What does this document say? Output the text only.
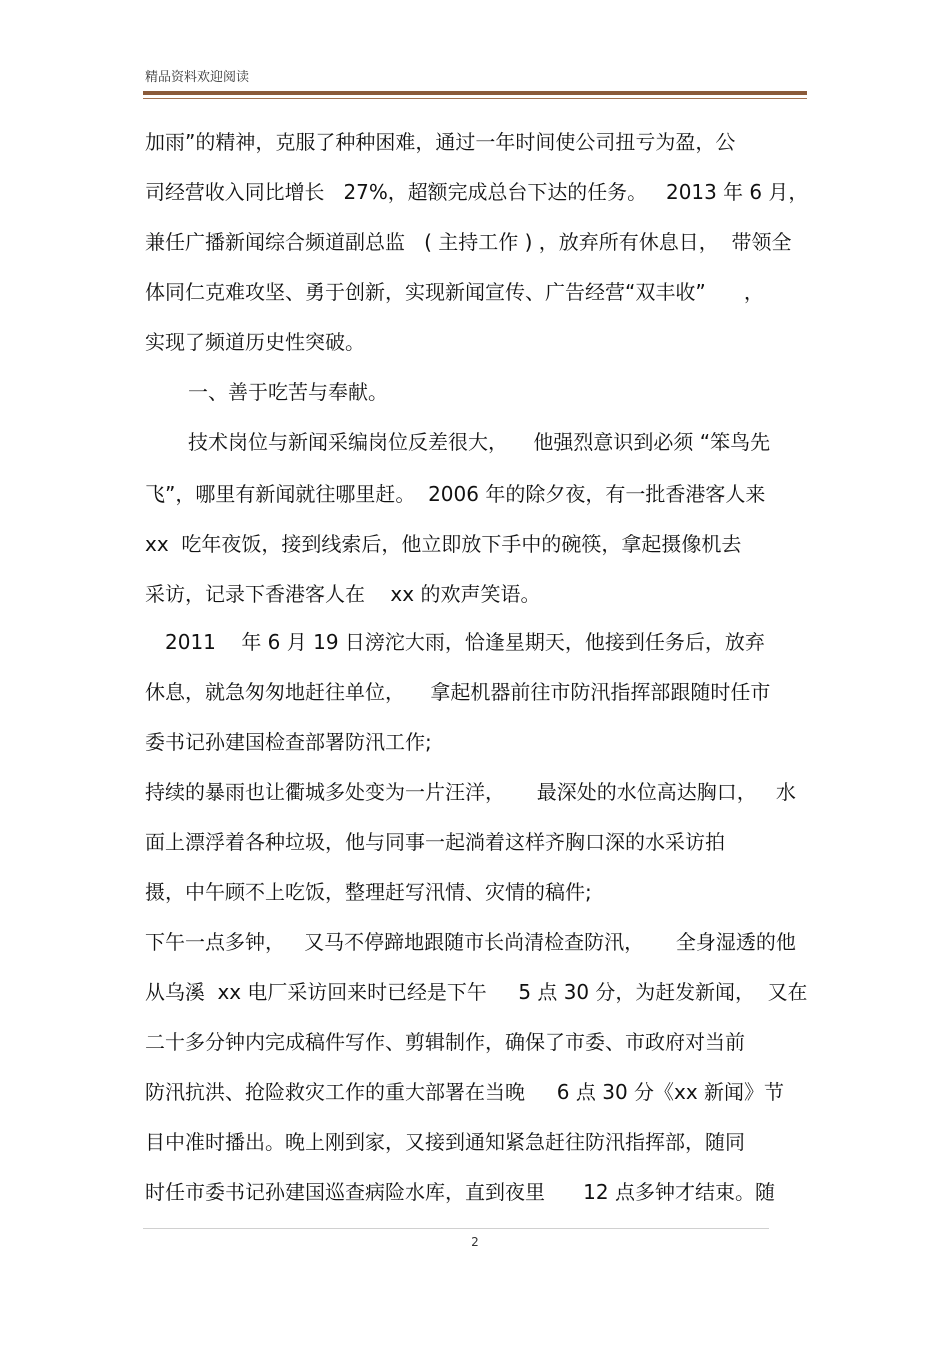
精品资料欢迎阅读
加雨”的精神，克服了种种困难，通过一年时间使公司扭亏为盈，公
司经营收入同比增长   27%，超额完成总台下达的任务。   2013 年 6 月，
兼任广播新闻综合频道副总监   ( 主持工作 ) ，放弃所有休息日，  带领全
体同仁克难攻坚、勇于创新，实现新闻宣传、广告经营“双丰收”      ，
实现了频道历史性突破。
一、善于吃苦与奉献。
技术岗位与新闻采编岗位反差很大，    他强烈意识到必须 “笨鸟先
飞”，哪里有新闻就往哪里赶。  2006 年的除夕夜，有一批香港客人来
xx  吃年夜饭，接到线索后，他立即放下手中的碗筷，拿起摄像机去
采访，记录下香港客人在    xx 的欢声笑语。
2011    年 6 月 19 日滂沱大雨，恰逢星期天，他接到任务后，放弃
休息，就急匆匆地赶往单位，    拿起机器前往市防汛指挥部跟随时任市
委书记孙建国检查部署防汛工作;
持续的暴雨也让衢城多处变为一片汪洋，     最深处的水位高达胸口，   水
面上漂浮着各种垃圾，他与同事一起淌着这样齐胸口深的水采访拍
摄，中午顾不上吃饭，整理赶写汛情、灾情的稿件;
下午一点多钟，   又马不停蹄地跟随市长尚清检查防汛，     全身湿透的他
从乌溪  xx 电厂采访回来时已经是下午     5 点 30 分，为赶发新闻，  又在
二十多分钟内完成稿件写作、剪辑制作，确保了市委、市政府对当前
防汛抗洪、抢险救灾工作的重大部署在当晚     6 点 30 分《xx 新闻》节
目中准时播出。晚上刚到家，又接到通知紧急赶往防汛指挥部，随同
时任市委书记孙建国巡查病险水库，直到夜里      12 点多钟才结束。随
2
